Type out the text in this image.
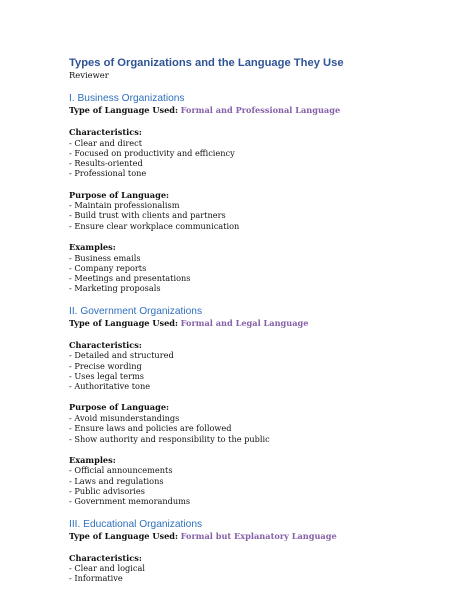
Types of Organizations and the Language They Use
Reviewer
I. Business Organizations
Type of Language Used: Formal and Professional Language
Characteristics:
- Clear and direct
- Focused on productivity and efficiency
- Results-oriented
- Professional tone
Purpose of Language:
- Maintain professionalism
- Build trust with clients and partners
- Ensure clear workplace communication
Examples:
- Business emails
- Company reports
- Meetings and presentations
- Marketing proposals
II. Government Organizations
Type of Language Used: Formal and Legal Language
Characteristics:
- Detailed and structured
- Precise wording
- Uses legal terms
- Authoritative tone
Purpose of Language:
- Avoid misunderstandings
- Ensure laws and policies are followed
- Show authority and responsibility to the public
Examples:
- Official announcements
- Laws and regulations
- Public advisories
- Government memorandums
III. Educational Organizations
Type of Language Used: Formal but Explanatory Language
Characteristics:
- Clear and logical
- Informative
